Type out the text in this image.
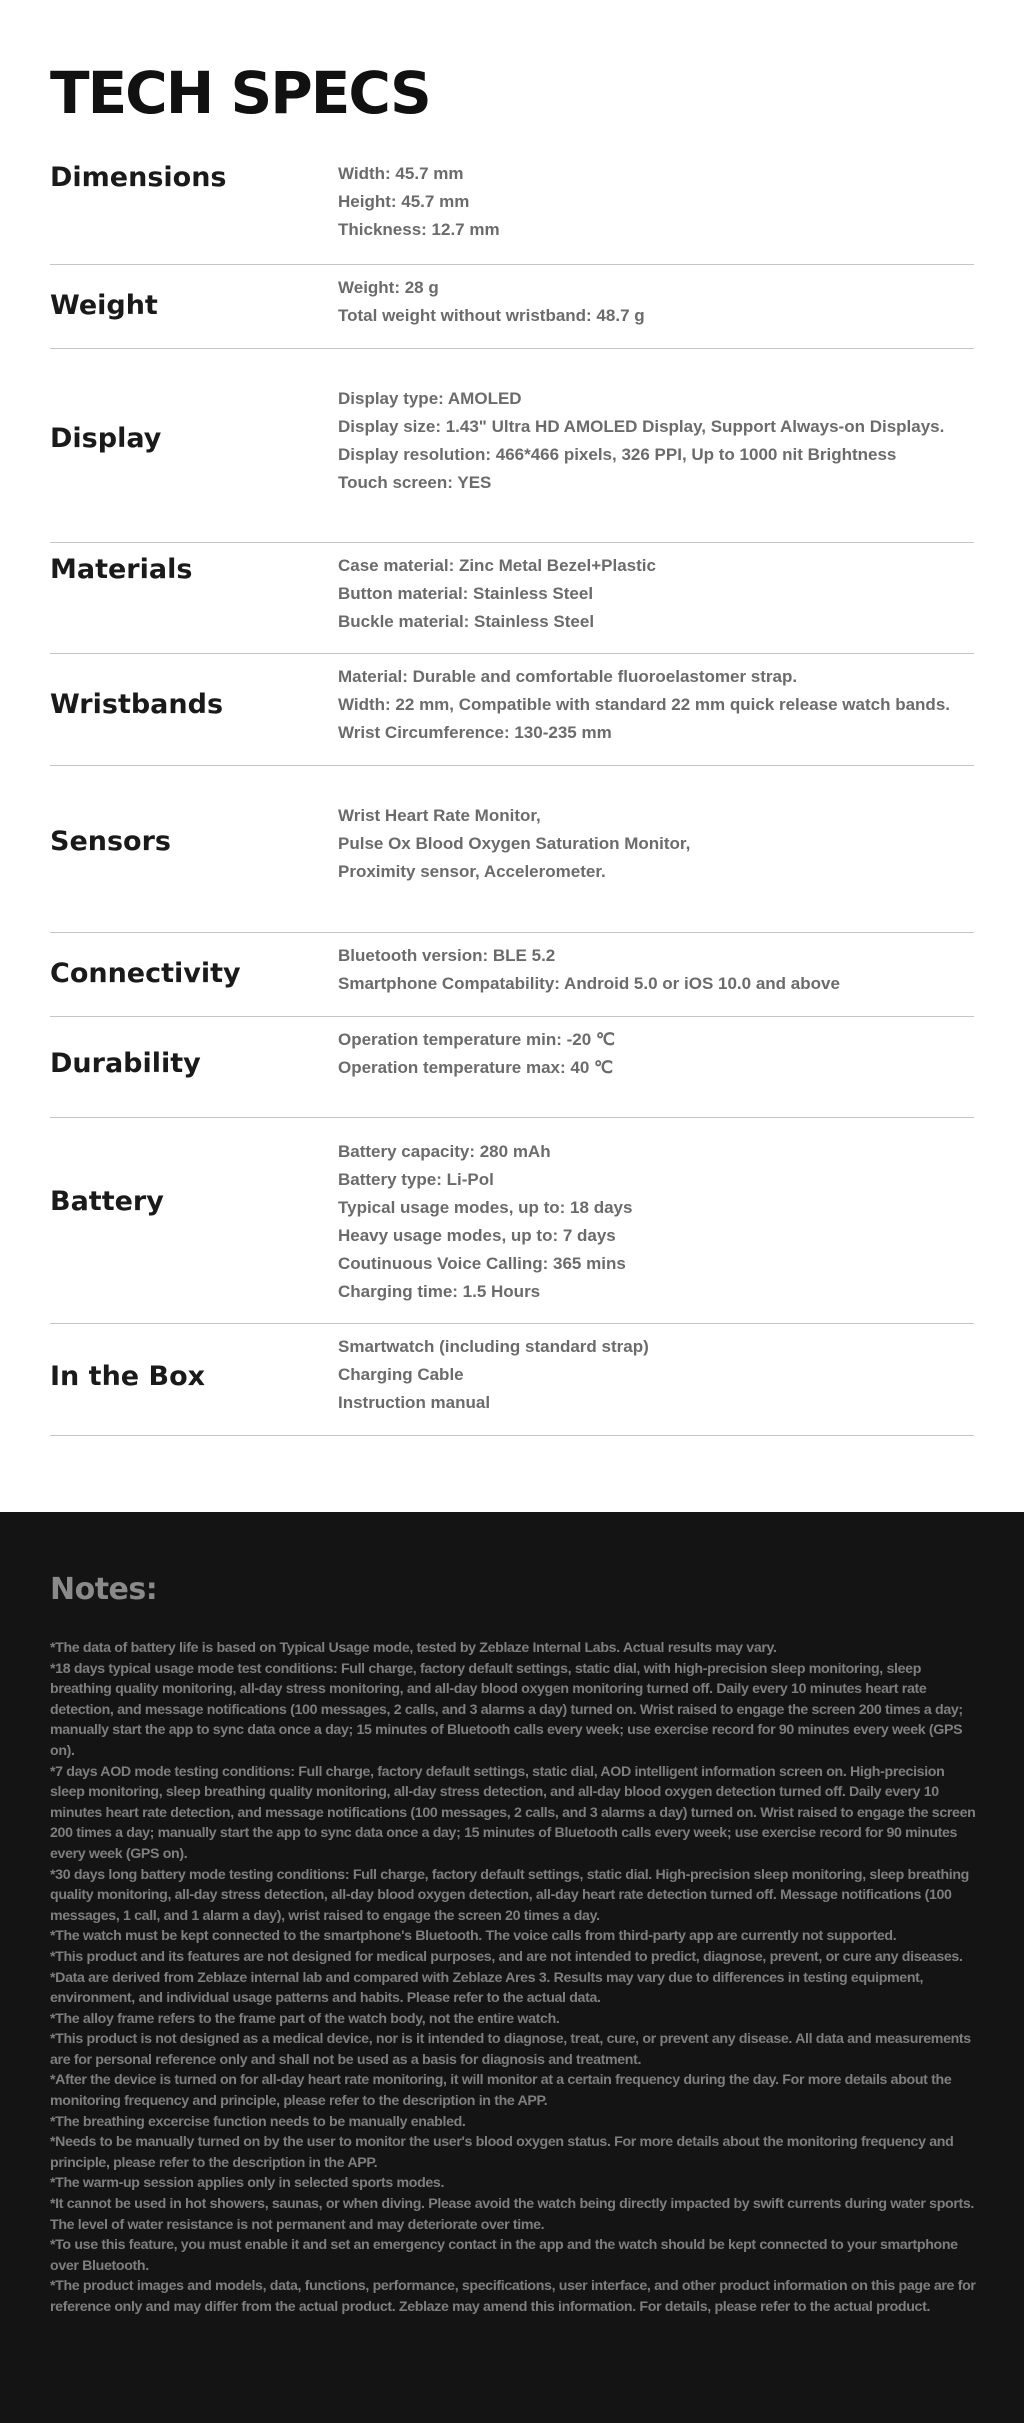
TECH SPECS
Dimensions	Width: 45.7 mm
Height: 45.7 mm
Thickness: 12.7 mm
Weight
Weight: 28 g
Total weight without wristband: 48.7 g
Display
Display type: AMOLED
Display size: 1.43" Ultra HD AMOLED Display, Support Always-on Displays.
Display resolution: 466*466 pixels, 326 PPI, Up to 1000 nit Brightness
Touch screen: YES
Materials	Case material: Zinc Metal Bezel+Plastic
Button material: Stainless Steel
Buckle material: Stainless Steel
Wristbands
Material: Durable and comfortable fluoroelastomer strap.
Width: 22 mm, Compatible with standard 22 mm quick release watch bands.
Wrist Circumference: 130-235 mm
Sensors
Wrist Heart Rate Monitor,
Pulse Ox Blood Oxygen Saturation Monitor,
Proximity sensor, Accelerometer.
Connectivity
Bluetooth version: BLE 5.2
Smartphone Compatability: Android 5.0 or iOS 10.0 and above
Durability
Operation temperature min: -20 ℃
Operation temperature max: 40 ℃
Battery
Battery capacity: 280 mAh
Battery type: Li-Pol
Typical usage modes, up to: 18 days
Heavy usage modes, up to: 7 days
Coutinuous Voice Calling: 365 mins
Charging time: 1.5 Hours
In the Box
Smartwatch (including standard strap)
Charging Cable
Instruction manual
Notes:

*The data of battery life is based on Typical Usage mode, tested by Zeblaze Internal Labs. Actual results may vary.

*18 days typical usage mode test conditions: Full charge, factory default settings, static dial, with high-precision sleep monitoring, sleep breathing quality monitoring, all-day stress monitoring, and all-day blood oxygen monitoring turned off. Daily every 10 minutes heart rate detection, and message notifications (100 messages, 2 calls, and 3 alarms a day) turned on. Wrist raised to engage the screen 200 times a day; manually start the app to sync data once a day; 15 minutes of Bluetooth calls every week; use exercise record for 90 minutes every week (GPS on).

*7 days AOD mode testing conditions: Full charge, factory default settings, static dial, AOD intelligent information screen on. High-precision sleep monitoring, sleep breathing quality monitoring, all-day stress detection, and all-day blood oxygen detection turned off. Daily every 10 minutes heart rate detection, and message notifications (100 messages, 2 calls, and 3 alarms a day) turned on. Wrist raised to engage the screen 200 times a day; manually start the app to sync data once a day; 15 minutes of Bluetooth calls every week; use exercise record for 90 minutes every week (GPS on).

*30 days long battery mode testing conditions: Full charge, factory default settings, static dial. High-precision sleep monitoring, sleep breathing quality monitoring, all-day stress detection, all-day blood oxygen detection, all-day heart rate detection turned off. Message notifications (100 messages, 1 call, and 1 alarm a day), wrist raised to engage the screen 20 times a day.

*The watch must be kept connected to the smartphone's Bluetooth. The voice calls from third-party app are currently not supported.

*This product and its features are not designed for medical purposes, and are not intended to predict, diagnose, prevent, or cure any diseases.

*Data are derived from Zeblaze internal lab and compared with Zeblaze Ares 3. Results may vary due to differences in testing equipment, environment, and individual usage patterns and habits. Please refer to the actual data.

*The alloy frame refers to the frame part of the watch body, not the entire watch.

*This product is not designed as a medical device, nor is it intended to diagnose, treat, cure, or prevent any disease. All data and measurements are for personal reference only and shall not be used as a basis for diagnosis and treatment.

*After the device is turned on for all-day heart rate monitoring, it will monitor at a certain frequency during the day. For more details about the monitoring frequency and principle, please refer to the description in the APP.

*The breathing excercise function needs to be manually enabled.

*Needs to be manually turned on by the user to monitor the user's blood oxygen status. For more details about the monitoring frequency and principle, please refer to the description in the APP.

*The warm-up session applies only in selected sports modes.

*It cannot be used in hot showers, saunas, or when diving. Please avoid the watch being directly impacted by swift currents during water sports. The level of water resistance is not permanent and may deteriorate over time.

*To use this feature, you must enable it and set an emergency contact in the app and the watch should be kept connected to your smartphone over Bluetooth.

*The product images and models, data, functions, performance, specifications, user interface, and other product information on this page are for reference only and may differ from the actual product. Zeblaze may amend this information. For details, please refer to the actual product.
